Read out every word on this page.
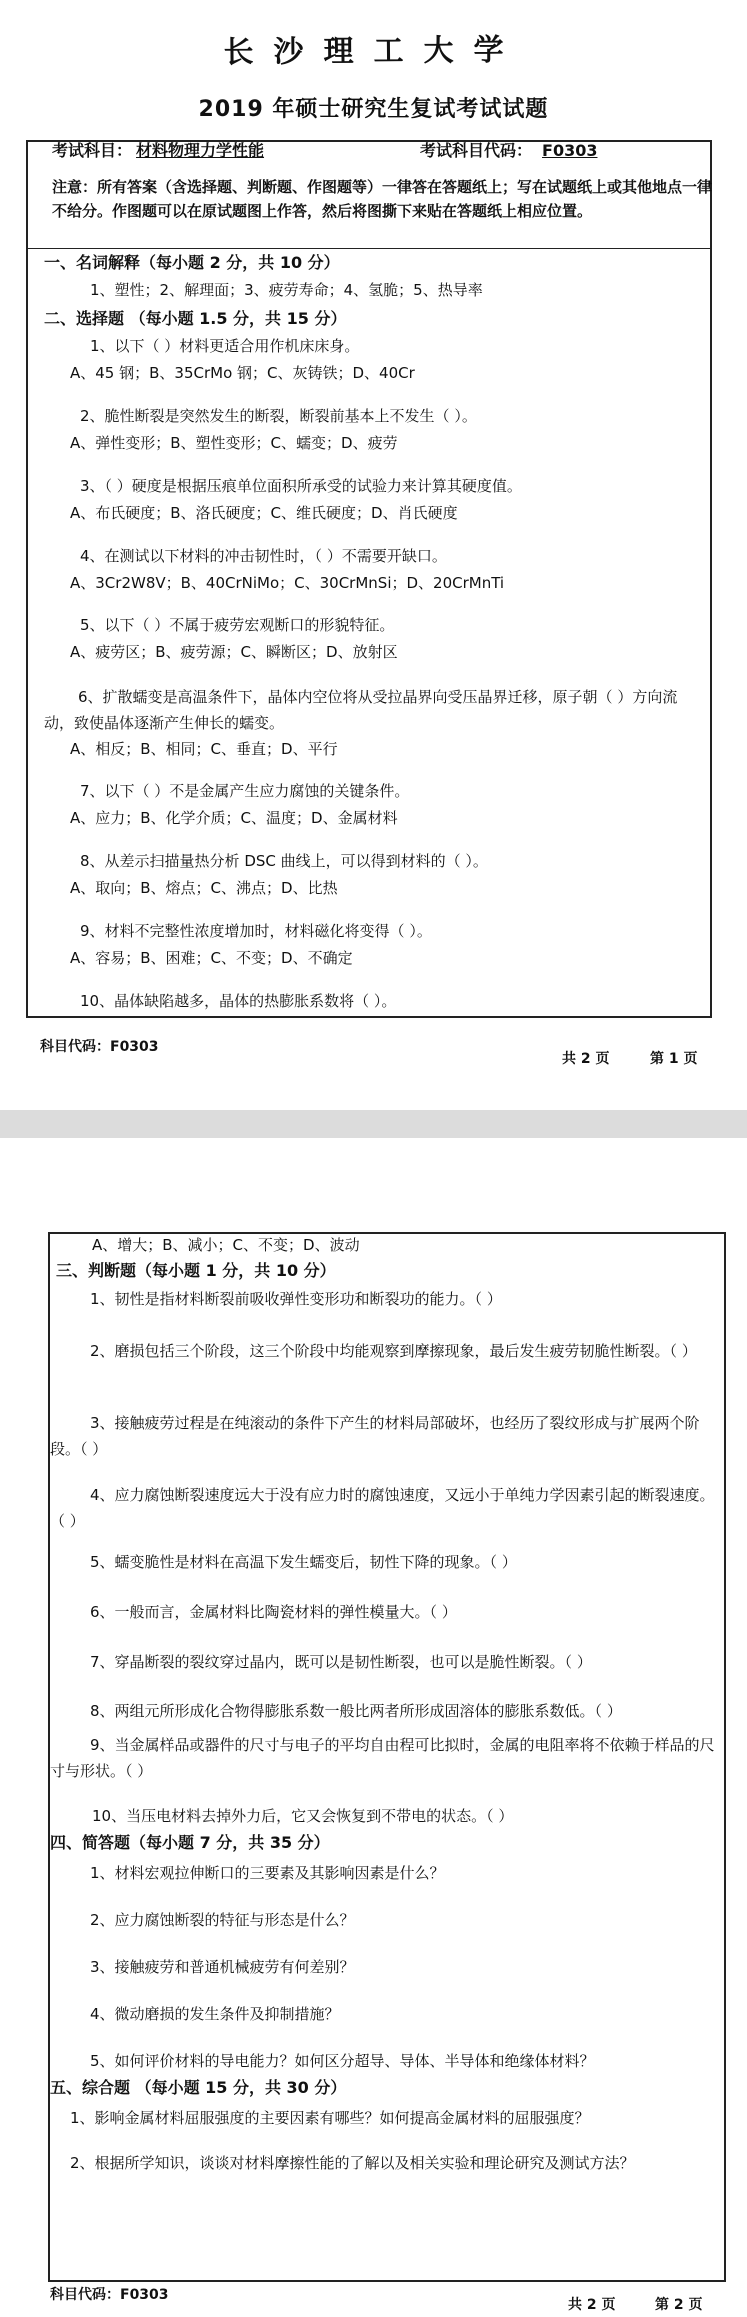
长沙理工大学
2019 年硕士研究生复试考试试题
考试科目： 材料物理力学性能	考试科目代码： F0303
注意：所有答案（含选择题、判断题、作图题等）一律答在答题纸上；写在试题纸上或其他地点一律不给分。作图题可以在原试题图上作答，然后将图撕下来贴在答题纸上相应位置。
一、名词解释（每小题 2 分，共 10 分）
1、塑性；2、解理面；3、疲劳寿命；4、氢脆；5、热导率
二、选择题 （每小题 1.5 分，共 15 分）
1、以下（ ）材料更适合用作机床床身。
A、45 钢；B、35CrMo 钢；C、灰铸铁；D、40Cr
2、脆性断裂是突然发生的断裂，断裂前基本上不发生（ ）。
A、弹性变形；B、塑性变形；C、蠕变；D、疲劳
3、（ ）硬度是根据压痕单位面积所承受的试验力来计算其硬度值。
A、布氏硬度；B、洛氏硬度；C、维氏硬度；D、肖氏硬度
4、在测试以下材料的冲击韧性时，（ ）不需要开缺口。
A、3Cr2W8V；B、40CrNiMo；C、30CrMnSi；D、20CrMnTi
5、以下（ ）不属于疲劳宏观断口的形貌特征。
A、疲劳区；B、疲劳源；C、瞬断区；D、放射区
6、扩散蠕变是高温条件下，晶体内空位将从受拉晶界向受压晶界迁移，原子朝（ ）方向流动，致使晶体逐渐产生伸长的蠕变。
A、相反；B、相同；C、垂直；D、平行
7、以下（ ）不是金属产生应力腐蚀的关键条件。
A、应力；B、化学介质；C、温度；D、金属材料
8、从差示扫描量热分析 DSC 曲线上，可以得到材料的（ ）。
A、取向；B、熔点；C、沸点；D、比热
9、材料不完整性浓度增加时，材料磁化将变得（ ）。
A、容易；B、困难；C、不变；D、不确定
10、晶体缺陷越多，晶体的热膨胀系数将（ ）。
科目代码：F0303
共 2 页	第 1 页
A、增大；B、减小；C、不变；D、波动
三、判断题（每小题 1 分，共 10 分）
1、韧性是指材料断裂前吸收弹性变形功和断裂功的能力。（ ）
2、磨损包括三个阶段，这三个阶段中均能观察到摩擦现象，最后发生疲劳韧脆性断裂。（ ）
3、接触疲劳过程是在纯滚动的条件下产生的材料局部破坏，也经历了裂纹形成与扩展两个阶段。（ ）
4、应力腐蚀断裂速度远大于没有应力时的腐蚀速度，又远小于单纯力学因素引起的断裂速度。（ ）
5、蠕变脆性是材料在高温下发生蠕变后，韧性下降的现象。（ ）
6、一般而言，金属材料比陶瓷材料的弹性模量大。（ ）
7、穿晶断裂的裂纹穿过晶内，既可以是韧性断裂，也可以是脆性断裂。（ ）
8、两组元所形成化合物得膨胀系数一般比两者所形成固溶体的膨胀系数低。（ ）
9、当金属样品或器件的尺寸与电子的平均自由程可比拟时，金属的电阻率将不依赖于样品的尺寸与形状。（ ）
10、当压电材料去掉外力后，它又会恢复到不带电的状态。（ ）
四、简答题（每小题 7 分，共 35 分）
1、材料宏观拉伸断口的三要素及其影响因素是什么？
2、应力腐蚀断裂的特征与形态是什么？
3、接触疲劳和普通机械疲劳有何差别？
4、微动磨损的发生条件及抑制措施？
5、如何评价材料的导电能力？如何区分超导、导体、半导体和绝缘体材料？
五、综合题 （每小题 15 分，共 30 分）
1、影响金属材料屈服强度的主要因素有哪些？如何提高金属材料的屈服强度？
2、根据所学知识，谈谈对材料摩擦性能的了解以及相关实验和理论研究及测试方法？
科目代码：F0303
共 2 页	第 2 页
